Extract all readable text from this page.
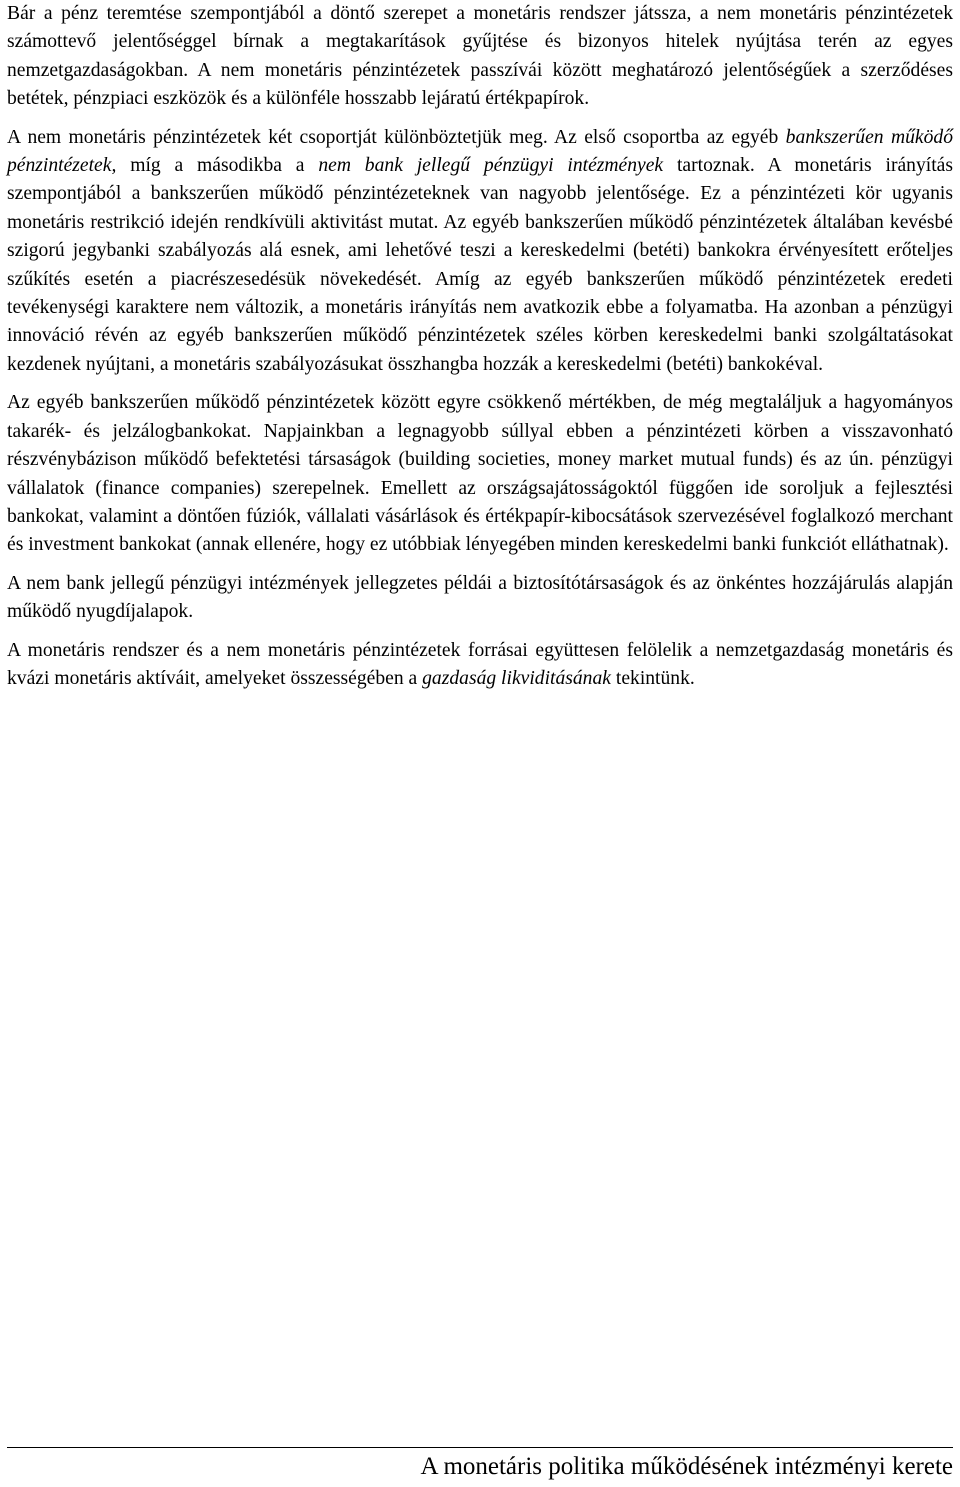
Bár a pénz teremtése szempontjából a döntő szerepet a monetáris rendszer játssza, a nem monetáris pénzintézetek számottevő jelentőséggel bírnak a megtakarítások gyűjtése és bizonyos hitelek nyújtása terén az egyes nemzetgazdaságokban. A nem monetáris pénzintézetek passzívái között meghatározó jelentőségűek a szerződéses betétek, pénzpiaci eszközök és a különféle hosszabb lejáratú értékpapírok.

A nem monetáris pénzintézetek két csoportját különböztetjük meg. Az első csoportba az egyéb bankszerűen működő pénzintézetek, míg a másodikba a nem bank jellegű pénzügyi intézmények tartoznak. A monetáris irányítás szempontjából a bankszerűen működő pénzintézeteknek van nagyobb jelentősége. Ez a pénzintézeti kör ugyanis monetáris restrikció idején rendkívüli aktivitást mutat. Az egyéb bankszerűen működő pénzintézetek általában kevésbé szigorú jegybanki szabályozás alá esnek, ami lehetővé teszi a kereskedelmi (betéti) bankokra érvényesített erőteljes szűkítés esetén a piacrészesedésük növekedését. Amíg az egyéb bankszerűen működő pénzintézetek eredeti tevékenységi karaktere nem változik, a monetáris irányítás nem avatkozik ebbe a folyamatba. Ha azonban a pénzügyi innováció révén az egyéb bankszerűen működő pénzintézetek széles körben kereskedelmi banki szolgáltatásokat kezdenek nyújtani, a monetáris szabályozásukat összhangba hozzák a kereskedelmi (betéti) bankokéval.

Az egyéb bankszerűen működő pénzintézetek között egyre csökkenő mértékben, de még megtaláljuk a hagyományos takarék- és jelzálogbankokat. Napjainkban a legnagyobb súllyal ebben a pénzintézeti körben a visszavonható részvénybázison működő befektetési társaságok (building societies, money market mutual funds) és az ún. pénzügyi vállalatok (finance companies) szerepelnek. Emellett az országsajátosságoktól függően ide soroljuk a fejlesztési bankokat, valamint a döntően fúziók, vállalati vásárlások és értékpapír-kibocsátások szervezésével foglalkozó merchant és investment bankokat (annak ellenére, hogy ez utóbbiak lényegében minden kereskedelmi banki funkciót elláthatnak).

A nem bank jellegű pénzügyi intézmények jellegzetes példái a biztosítótársaságok és az önkéntes hozzájárulás alapján működő nyugdíjalapok.

A monetáris rendszer és a nem monetáris pénzintézetek forrásai együttesen felölelik a nemzetgazdaság monetáris és kvázi monetáris aktíváit, amelyeket összességében a gazdaság likviditásának tekintünk.

A monetáris politika működésének intézményi kerete
